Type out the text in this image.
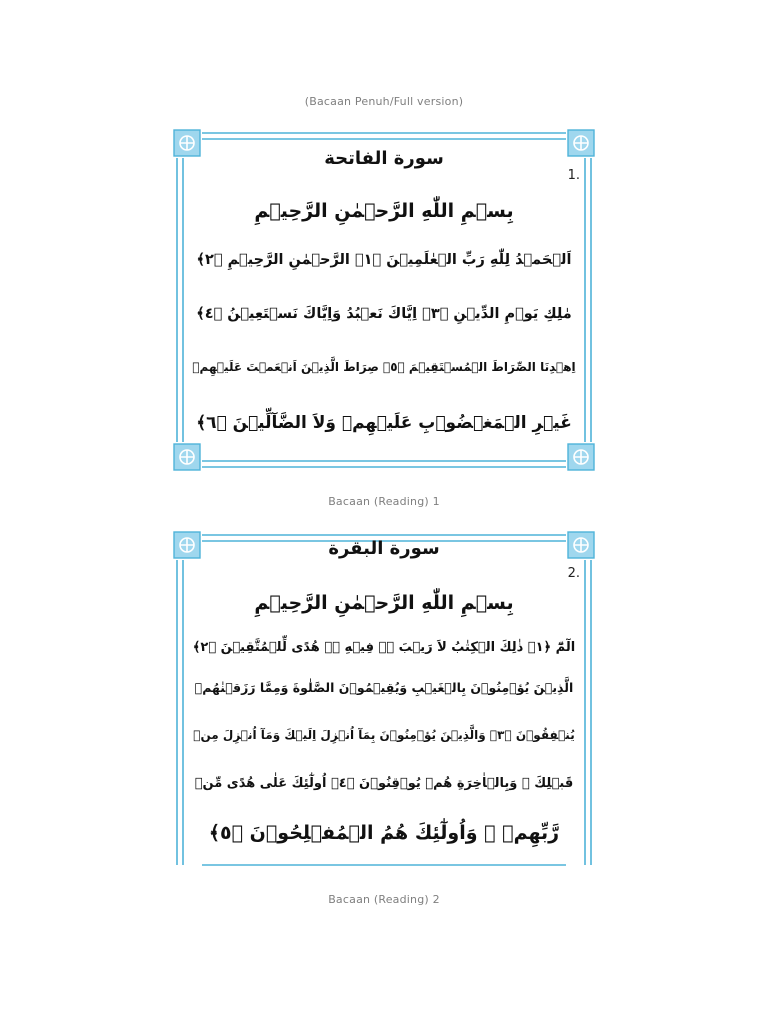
(Bacaan Penuh/Full version)
1.
سورة الفاتحة
بِسۡمِ اللّٰهِ الرَّحۡمٰنِ الرَّحِيۡمِ
اَلۡحَمۡدُ لِلّٰهِ رَبِّ الۡعٰلَمِيۡنَ ﴿١﴾ الرَّحۡمٰنِ الرَّحِيۡمِ ﴿٢﴾
مٰلِكِ يَوۡمِ الدِّيۡنِ ﴿٣﴾ اِيَّاكَ نَعۡبُدُ وَاِيَّاكَ نَسۡتَعِيۡنُ ﴿٤﴾
اِهۡدِنَا الصِّرَاطَ الۡمُسۡتَقِيۡمَ ﴿٥﴾ صِرَاطَ الَّذِيۡنَ اَنۡعَمۡتَ عَلَيۡهِمۡ
غَيۡرِ الۡمَغۡضُوۡبِ عَلَيۡهِمۡ وَلاَ الضَّآلِّيۡنَ ﴿٦﴾
Bacaan (Reading) 1
2.
سورة البقرة
بِسۡمِ اللّٰهِ الرَّحۡمٰنِ الرَّحِيۡمِ
الٓمّٓ ﴿١﴾ ذٰلِكَ الۡكِتٰبُ لاَ رَيۡبَ ۛۚ فِيۡهِ ۛۚ هُدًى لِّلۡمُتَّقِيۡنَ ﴿٢﴾
الَّذِيۡنَ يُؤۡمِنُوۡنَ بِالۡغَيۡبِ وَيُقِيۡمُوۡنَ الصَّلٰوةَ وَمِمَّا رَزَقۡنٰهُمۡ
يُنۡفِقُوۡنَ ﴿٣﴾ وَالَّذِيۡنَ يُؤۡمِنُوۡنَ بِمَآ اُنۡزِلَ اِلَيۡكَ وَمَآ اُنۡزِلَ مِنۡ
قَبۡلِكَ ۚ وَبِالۡاٰخِرَةِ هُمۡ يُوۡقِنُوۡنَ ﴿٤﴾ اُولٰٓئِكَ عَلٰى هُدًى مِّنۡ
رَّبِّهِمۡ ۚ وَاُولٰٓئِكَ هُمُ الۡمُفۡلِحُوۡنَ ﴿٥﴾
Bacaan (Reading) 2
